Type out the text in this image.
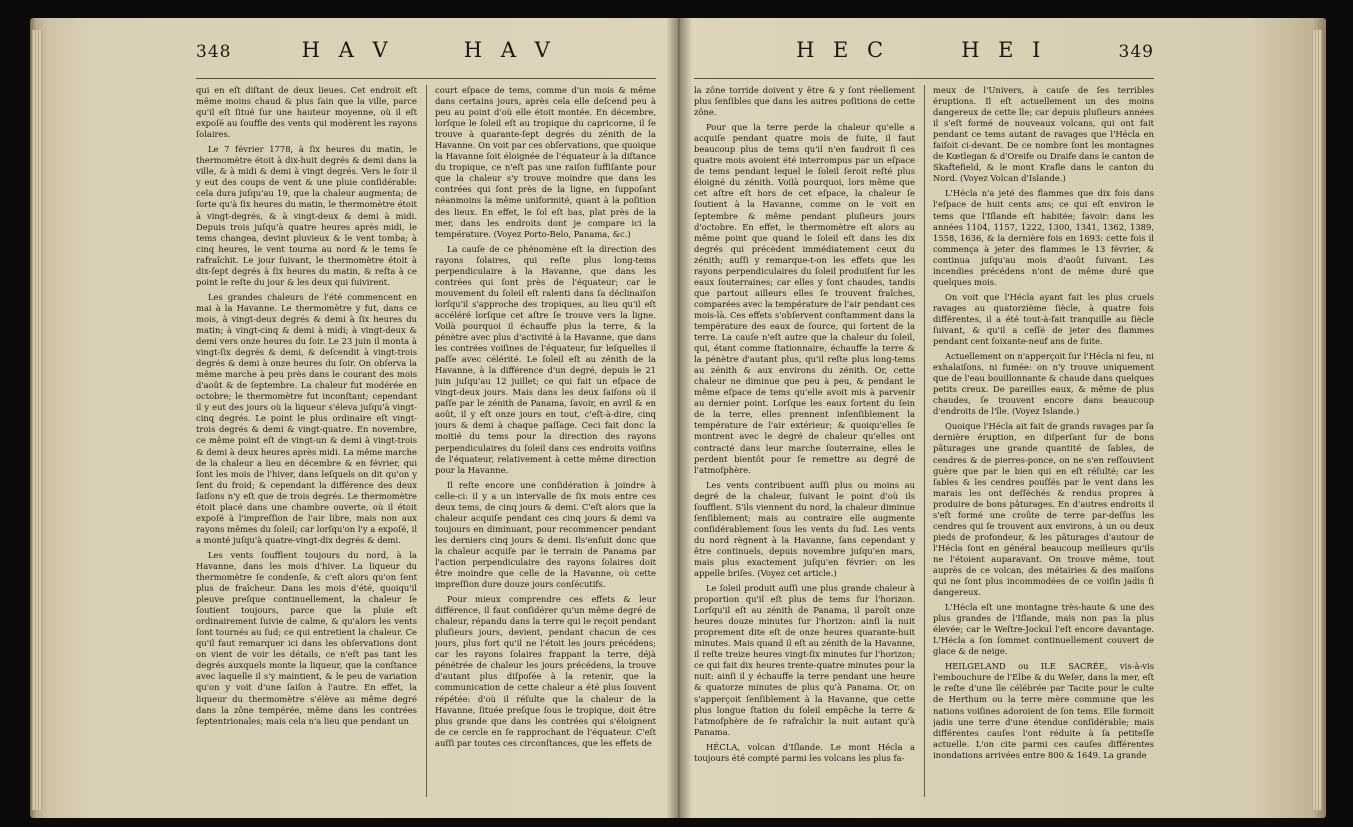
348	H A V	H A V

qui en eſt diſtant de deux lieues. Cet endroit eſt même moins chaud & plus ſain que la ville, parce qu'il eſt ſitué ſur une hauteur moyenne, où il eſt expoſé au ſouffle des vents qui modèrent les rayons ſolaires.

Le 7 février 1778, à ſix heures du matin, le thermomètre étoit à dix-huit degrés & demi dans la ville, & à midi & demi à vingt degrés. Vers le ſoir il y eut des coups de vent & une pluie conſidérable: cela dura juſqu'au 19, que la chaleur augmenta; de ſorte qu'à ſix heures du matin, le thermomètre étoit à vingt-degrés, & à vingt-deux & demi à midi. Depuis trois juſqu'à quatre heures après midi, le tems changea, devint pluvieux & le vent tomba; à cinq heures, le vent tourna au nord & le tems ſe rafraîchit. Le jour ſuivant, le thermomètre étoit à dix-ſept degrés à ſix heures du matin, & reſta à ce point le reſte du jour & les deux qui ſuivirent.

Les grandes chaleurs de l'été commencent en mai à la Havanne. Le thermomètre y fut, dans ce mois, à vingt-deux degrés & demi à ſix heures du matin; à vingt-cinq & demi à midi; à vingt-deux & demi vers onze heures du ſoir. Le 23 juin il monta à vingt-ſix degrés & demi, & deſcendit à vingt-trois degrés & demi à onze heures du ſoir. On obſerva la même marche à peu près dans le courant des mois d'août & de ſeptembre. La chaleur fut modérée en octobre; le thermomètre fut inconſtant; cependant il y eut des jours où la liqueur s'éleva juſqu'à vingt-cinq degrés. Le point le plus ordinaire eſt vingt-trois degrés & demi & vingt-quatre. En novembre, ce même point eſt de vingt-un & demi à vingt-trois & demi à deux heures après midi. La même marche de la chaleur a lieu en décembre & en février, qui ſont les mois de l'hiver, dans leſquels on dit qu'on y ſent du froid; & cependant la différence des deux ſaiſons n'y eſt que de trois degrés. Le thermomètre étoit placé dans une chambre ouverte, où il étoit expoſé à l'impreſſion de l'air libre, mais non aux rayons mêmes du ſoleil; car lorſqu'on l'y a expoſé, il a monté juſqu'à quatre-vingt-dix degrés & demi.

Les vents ſoufflent toujours du nord, à la Havanne, dans les mois d'hiver. La liqueur du thermomètre ſe condenſe, & c'eſt alors qu'on ſent plus de fraîcheur. Dans les mois d'été, quoiqu'il pleuve preſque continuellement, la chaleur ſe ſoutient toujours, parce que la pluie eſt ordinairement ſuivie de calme, & qu'alors les vents ſont tournés au ſud; ce qui entretient la chaleur. Ce qu'il faut remarquer ici dans les obſervations dont on vient de voir les détails, ce n'eſt pas tant les degrés auxquels monte la liqueur, que la conſtance avec laquelle il s'y maintient, & le peu de variation qu'on y voit d'une ſaiſon à l'autre. En effet, la liqueur du thermomètre s'élève au même degré dans la zône tempérée, même dans les contrées ſeptentrionales; mais cela n'a lieu que pendant un

court eſpace de tems, comme d'un mois & même dans certains jours, après cela elle deſcend peu à peu au point d'où elle étoit montée. En décembre, lorſque le ſoleil eſt au tropique du capricorne, il ſe trouve à quarante-ſept degrés du zénith de la Havanne. On voit par ces obſervations, que quoique la Havanne ſoit éloignée de l'équateur à la diſtance du tropique, ce n'eſt pas une raiſon ſuffiſante pour que la chaleur s'y trouve moindre que dans les contrées qui ſont près de la ligne, en ſuppoſant néanmoins la même uniformité, quant à la poſition des lieux. En effet, le ſol eſt bas, plat près de la mer, dans les endroits dont je compare ici la température. (Voyez Porto-Belo, Panama, &c.)

La cauſe de ce phénomène eſt la direction des rayons ſolaires, qui reſte plus long-tems perpendiculaire à la Havanne, que dans les contrées qui ſont près de l'équateur; car le mouvement du ſoleil eſt ralenti dans ſa déclinaiſon lorſqu'il s'approche des tropiques, au lieu qu'il eſt accéléré lorſque cet aſtre ſe trouve vers la ligne. Voilà pourquoi il échauffe plus la terre, & la pénètre avec plus d'activité à la Havanne, que dans les contrées voiſines de l'équateur, ſur leſquelles il paſſe avec célérité. Le ſoleil eſt au zénith de la Havanne, à la différence d'un degré, depuis le 21 juin juſqu'au 12 juillet; ce qui fait un eſpace de vingt-deux jours. Mais dans les deux ſaiſons où il paſſe par le zénith de Panama, ſavoir, en avril & en août, il y eſt onze jours en tout, c'eſt-à-dire, cinq jours & demi à chaque paſſage. Ceci fait donc la moitié du tems pour la direction des rayons perpendiculaires du ſoleil dans ces endroits voiſins de l'équateur, relativement à cette même direction pour la Havanne.

Il reſte encore une conſidération à joindre à celle-ci: il y a un intervalle de ſix mois entre ces deux tems, de cinq jours & demi. C'eſt alors que la chaleur acquiſe pendant ces cinq jours & demi va toujours en diminuant, pour recommencer pendant les derniers cinq jours & demi. Ils'enſuit donc que la chaleur acquiſe par le terrain de Panama par l'action perpendiculaire des rayons ſolaires doit être moindre que celle de la Havanne, où cette impreſſion dure douze jours conſécutifs.

Pour mieux comprendre ces effets & leur différence, il faut conſidérer qu'un même degré de chaleur, répandu dans la terre qui le reçoit pendant pluſieurs jours, devient, pendant chacun de ces jours, plus fort qu'il ne l'étoit les jours précédens; car les rayons ſolaires frappant la terre, déjà pénétrée de chaleur les jours précédens, la trouve d'autant plus diſpoſée à la retenir, que la communication de cette chaleur a été plus ſouvent répétée: d'où il réſulte que la chaleur de la Havanne, ſituée preſque ſous le tropique, doit être plus grande que dans les contrées qui s'éloignent de ce cercle en ſe rapprochant de l'équateur. C'eſt auſſi par toutes ces circonſtances, que les effets de

H E C	H E I	349

la zône torride doivent y être & y ſont réellement plus ſenſibles que dans les autres poſitions de cette zône.

Pour que la terre perde la chaleur qu'elle a acquiſe pendant quatre mois de ſuite, il faut beaucoup plus de tems qu'il n'en faudroit ſi ces quatre mois avoient été interrompus par un eſpace de tems pendant lequel le ſoleil ſeroit reſté plus éloigné du zénith. Voilà pourquoi, lors même que cet aſtre eſt hors de cet eſpace, la chaleur ſe ſoutient à la Havanne, comme on le voit en ſeptembre & même pendant pluſieurs jours d'octobre. En effet, le thermomètre eſt alors au même point que quand le ſoleil eſt dans les dix degrés qui précèdent immédiatement ceux du zénith; auſſi y remarque-t-on les effets que les rayons perpendiculaires du ſoleil produiſent ſur les eaux ſouterraines; car elles y ſont chaudes, tandis que partout ailleurs elles ſe trouvent fraîches, comparées avec la température de l'air pendant ces mois-là. Ces effets s'obſervent conſtamment dans la température des eaux de ſource, qui ſortent de la terre. La cauſe n'eſt autre que la chaleur du ſoleil, qui, étant comme ſtationnaire, échauffe la terre & la pénètre d'autant plus, qu'il reſte plus long-tems au zénith & aux environs du zénith. Or, cette chaleur ne diminue que peu à peu, & pendant le même eſpace de tems qu'elle avoit mis à parvenir au dernier point. Lorſque les eaux ſortent du ſein de la terre, elles prennent inſenſiblement la température de l'air extérieur; & quoiqu'elles ſe montrent avec le degré de chaleur qu'elles ont contracté dans leur marche ſouterraine, elles le perdent bientôt pour ſe remettre au degré de l'atmoſphère.

Les vents contribuent auſſi plus ou moins au degré de la chaleur, ſuivant le point d'où ils ſoufflent. S'ils viennent du nord, la chaleur diminue ſenſiblement; mais au contraire elle augmente conſidérablement ſous les vents du ſud. Les vents du nord règnent à la Havanne, ſans cependant y être continuels, depuis novembre juſqu'en mars, mais plus exactement juſqu'en février: on les appelle briſes. (Voyez cet article.)

Le ſoleil produit auſſi une plus grande chaleur à proportion qu'il eſt plus de tems ſur l'horizon. Lorſqu'il eſt au zénith de Panama, il paroît onze heures douze minutes ſur l'horizon: ainſi la nuit proprement dite eſt de onze heures quarante-huit minutes. Mais quand il eſt au zénith de la Havanne, il reſte treize heures vingt-ſix minutes ſur l'horizon; ce qui fait dix heures trente-quatre minutes pour la nuit: ainſi il y échauffe la terre pendant une heure & quatorze minutes de plus qu'à Panama. Or, on s'apperçoit ſenſiblement à la Havanne, que cette plus longue ſtation du ſoleil empêche la terre & l'atmoſphère de ſe rafraîchir la nuit autant qu'à Panama.

HÉCLA, volcan d'Iſlande. Le mont Hécla a toujours été compté parmi les volcans les plus fa-

meux de l'Univers, à cauſe de ſes terribles éruptions. Il eſt actuellement un des moins dangereux de cette île; car depuis pluſieurs années il s'eſt formé de nouveaux volcans, qui ont fait pendant ce tems autant de ravages que l'Hécla en faiſoit ci-devant. De ce nombre ſont les montagnes de Kœtlegan & d'Oreife ou Draife dans le canton de Skaftefield, & le mont Krafle dans le canton du Nord. (Voyez Volcan d'Islande.)

L'Hécla n'a jeté des flammes que dix fois dans l'eſpace de huit cents ans; ce qui eſt environ le tems que l'Iſlande eſt habitée; ſavoir: dans les années 1104, 1157, 1222, 1300, 1341, 1362, 1389, 1558, 1636, & la dernière fois en 1693: cette fois il commença à jeter des flammes le 13 février, & continua juſqu'au mois d'août ſuivant. Les incendies précédens n'ont de même duré que quelques mois.

On voit que l'Hécla ayant fait les plus cruels ravages au quatorzième ſiècle, à quatre fois différentes, il a été tout-à-fait tranquille au ſiècle ſuivant, & qu'il a ceſſé de jeter des flammes pendant cent ſoixante-neuf ans de ſuite.

Actuellement on n'apperçoit ſur l'Hécla ni feu, ni exhalaiſons, ni fumée: on n'y trouve uniquement que de l'eau bouillonnante & chaude dans quelques petits creux. De pareilles eaux, & même de plus chaudes, ſe trouvent encore dans beaucoup d'endroits de l'île. (Voyez Islande.)

Quoique l'Hécla ait fait de grands ravages par ſa dernière éruption, en diſperſant ſur de bons pâturages une grande quantité de ſables, de cendres & de pierres-ponce, on ne s'en reſſouvient guère que par le bien qui en eſt réſulté; car les ſables & les cendres pouſſés par le vent dans les marais les ont deſſéchés & rendus propres à produire de bons pâturages. En d'autres endroits il s'eſt formé une croûte de terre par-deſſus les cendres qui ſe trouvent aux environs, à un ou deux pieds de profondeur, & les pâturages d'autour de l'Hécla ſont en général beaucoup meilleurs qu'ils ne l'étoient auparavant. On trouve même, tout auprès de ce volcan, des métairies & des maiſons qui ne ſont plus incommodées de ce voiſin jadis ſi dangereux.

L'Hécla eſt une montagne très-haute & une des plus grandes de l'Iſlande, mais non pas la plus élevée; car le Weſtre-Jockul l'eſt encore davantage. L'Hécla a ſon ſommet continuellement couvert de glace & de neige.

HEILGELAND ou ILE SACRÉE, vis-à-vis l'embouchure de l'Elbe & du Weſer, dans la mer, eſt le reſte d'une île célébrée par Tacite pour le culte de Herthum ou la terre mère commune que les nations voiſines adoroient de ſon tems. Elle formoit jadis une terre d'une étendue conſidérable; mais différentes cauſes l'ont réduite à ſa petiteſſe actuelle. L'on cite parmi ces cauſes différentes inondations arrivées entre 800 & 1649. La grande
